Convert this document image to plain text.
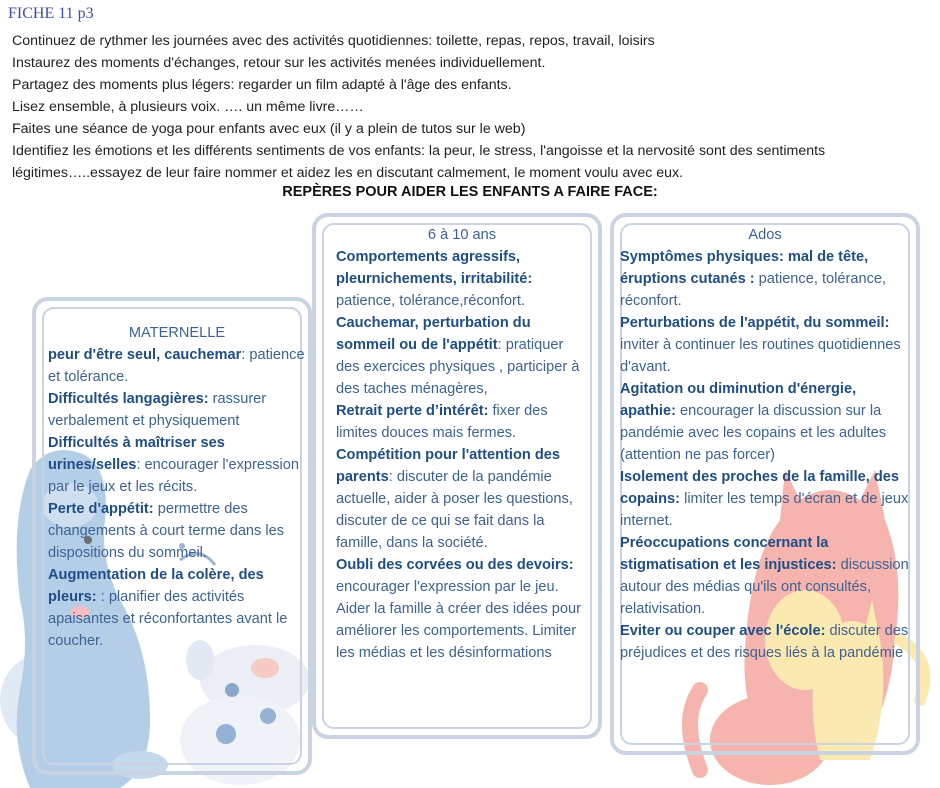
FICHE 11 p3
Continuez de rythmer les journées avec des activités quotidiennes: toilette, repas, repos, travail, loisirs
Instaurez des moments d'échanges, retour sur les activités menées individuellement.
Partagez des moments plus légers: regarder un film adapté à l'âge des enfants.
Lisez ensemble, à plusieurs voix. …. un même livre……
Faites une séance de yoga pour enfants avec eux (il y a plein de tutos sur le web)
Identifiez les émotions et les différents sentiments de vos enfants: la peur, le stress, l'angoisse et la nervosité sont des sentiments légitimes…..essayez de leur faire nommer et aidez les en discutant calmement, le moment voulu avec eux.
REPÈRES POUR AIDER LES ENFANTS A FAIRE FACE:

MATERNELLE

peur d'être seul, cauchemar: patience et tolérance.

Difficultés langagières: rassurer verbalement et physiquement

Difficultés à maîtriser ses urines/selles: encourager l'expression par le jeux et les récits.

Perte d'appétit: permettre des changements à court terme dans les dispositions du sommeil.

Augmentation de la colère, des pleurs: : planifier des activités apaisantes et réconfortantes avant le coucher.

6 à 10 ans

Comportements agressifs, pleurnichements, irritabilité: patience, tolérance,réconfort.

Cauchemar, perturbation du sommeil ou de l'appétit: pratiquer des exercices physiques , participer à des taches ménagères,

Retrait perte d’intérêt: fixer des limites douces mais fermes.

Compétition pour l'attention des parents: discuter de la pandémie actuelle, aider à poser les questions, discuter de ce qui se fait dans la famille, dans la société.

Oubli des corvées ou des devoirs: encourager l'expression par le jeu. Aider la famille à créer des idées pour améliorer les comportements. Limiter les médias et les désinformations

Ados

Symptômes physiques: mal de tête, éruptions cutanés : patience, tolérance, réconfort.

Perturbations de l'appétit, du sommeil: inviter à continuer les routines quotidiennes d'avant.

Agitation ou diminution d'énergie, apathie: encourager la discussion sur la pandémie avec les copains et les adultes (attention ne pas forcer)

Isolement des proches de la famille, des copains: limiter les temps d'écran et de jeux internet.

Préoccupations concernant la stigmatisation et les injustices: discussion autour des médias qu'ils ont consultés, relativisation.

Eviter ou couper avec l'école: discuter des préjudices et des risques liés à la pandémie
